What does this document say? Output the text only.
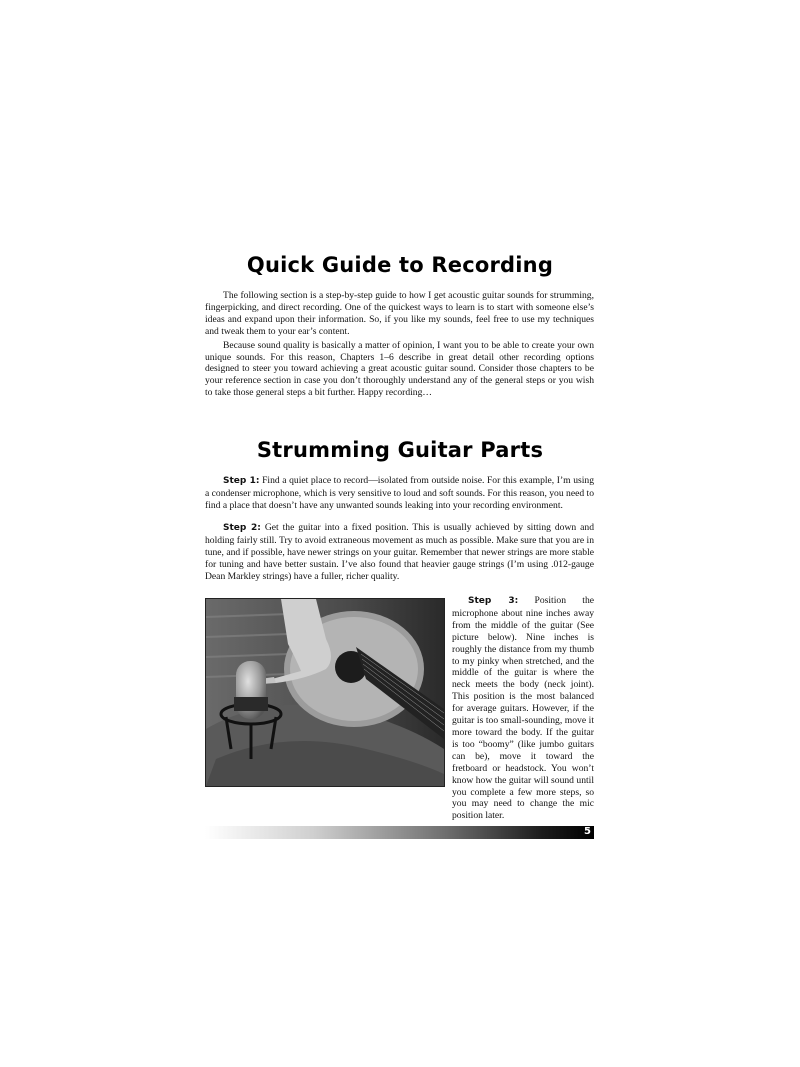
Quick Guide to Recording

The following section is a step-by-step guide to how I get acoustic guitar sounds for strumming, fingerpicking, and direct recording. One of the quickest ways to learn is to start with someone else’s ideas and expand upon their information. So, if you like my sounds, feel free to use my techniques and tweak them to your ear’s content.

Because sound quality is basically a matter of opinion, I want you to be able to create your own unique sounds. For this reason, Chapters 1–6 describe in great detail other recording options designed to steer you toward achieving a great acoustic guitar sound. Consider those chapters to be your reference section in case you don’t thoroughly understand any of the general steps or you wish to take those general steps a bit further. Happy recording…

Strumming Guitar Parts

Step 1: Find a quiet place to record—isolated from outside noise. For this example, I’m using a condenser microphone, which is very sensitive to loud and soft sounds. For this reason, you need to find a place that doesn’t have any unwanted sounds leaking into your recording environment.

Step 2: Get the guitar into a fixed position. This is usually achieved by sitting down and holding fairly still. Try to avoid extraneous movement as much as possible. Make sure that you are in tune, and if possible, have newer strings on your guitar. Remember that newer strings are more stable for tuning and have better sustain. I’ve also found that heavier gauge strings (I’m using .012-gauge Dean Markley strings) have a fuller, richer quality.

Step 3: Position the microphone about nine inches away from the middle of the guitar (See picture below). Nine inches is roughly the distance from my thumb to my pinky when stretched, and the middle of the guitar is where the neck meets the body (neck joint). This position is the most balanced for average guitars. However, if the guitar is too small-sounding, move it more toward the body. If the guitar is too “boomy” (like jumbo guitars can be), move it toward the fretboard or headstock. You won’t know how the guitar will sound until you complete a few more steps, so you may need to change the mic position later.

5
